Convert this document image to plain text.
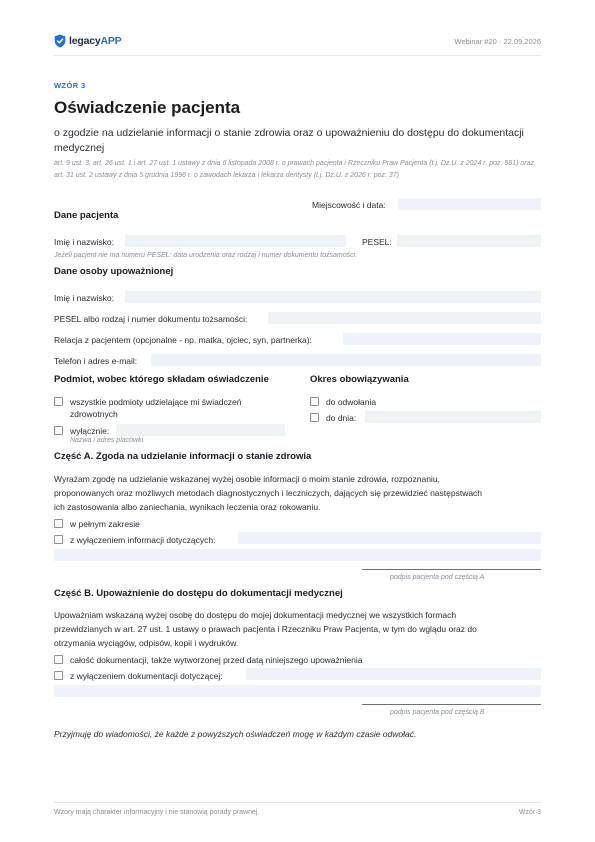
legacyAPP	Webinar #20 · 22.09.2026
WZÓR 3
Oświadczenie pacjenta
o zgodzie na udzielanie informacji o stanie zdrowia oraz o upoważnieniu do dostępu do dokumentacji medycznej
art. 9 ust. 3, art. 26 ust. 1 i art. 27 ust. 1 ustawy z dnia 6 listopada 2008 r. o prawach pacjenta i Rzeczniku Praw Pacjenta (t.j. Dz.U. z 2024 r. poz. 581) oraz art. 31 ust. 2 ustawy z dnia 5 grudnia 1996 r. o zawodach lekarza i lekarza dentysty (t.j. Dz.U. z 2026 r. poz. 37)
Miejscowość i data:
Dane pacjenta
Imię i nazwisko:	PESEL:
Jeżeli pacjent nie ma numeru PESEL: data urodzenia oraz rodzaj i numer dokumentu tożsamości.
Dane osoby upoważnionej
Imię i nazwisko:
PESEL albo rodzaj i numer dokumentu tożsamości:
Relacja z pacjentem (opcjonalne - np. matka, ojciec, syn, partnerka):
Telefon i adres e-mail:
Podmiot, wobec którego składam oświadczenie
wszystkie podmioty udzielające mi świadczeń
zdrowotnych
wyłącznie:
Nazwa i adres placówki.
Okres obowiązywania
do odwołania
do dnia:
Część A. Zgoda na udzielanie informacji o stanie zdrowia
Wyrażam zgodę na udzielanie wskazanej wyżej osobie informacji o moim stanie zdrowia, rozpoznaniu,
proponowanych oraz możliwych metodach diagnostycznych i leczniczych, dających się przewidzieć następstwach
ich zastosowania albo zaniechania, wynikach leczenia oraz rokowaniu.
w pełnym zakresie
z wyłączeniem informacji dotyczących:
podpis pacjenta pod częścią A
Część B. Upoważnienie do dostępu do dokumentacji medycznej
Upoważniam wskazaną wyżej osobę do dostępu do mojej dokumentacji medycznej we wszystkich formach
przewidzianych w art. 27 ust. 1 ustawy o prawach pacjenta i Rzeczniku Praw Pacjenta, w tym do wglądu oraz do
otrzymania wyciągów, odpisów, kopii i wydruków.
całość dokumentacji, także wytworzonej przed datą niniejszego upoważnienia
z wyłączeniem dokumentacji dotyczącej:
podpis pacjenta pod częścią B
Przyjmuję do wiadomości, że każde z powyższych oświadczeń mogę w każdym czasie odwołać.
Wzory mają charakter informacyjny i nie stanowią porady prawnej.	Wzór 3
